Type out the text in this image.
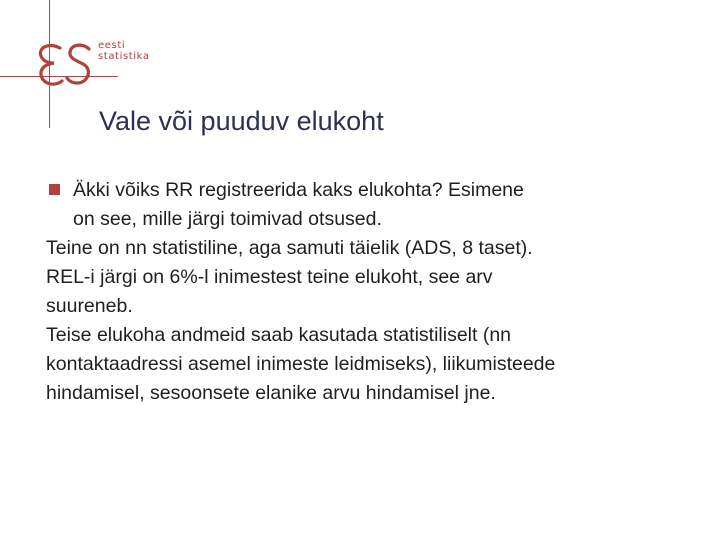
eesti
statistika
Vale või puuduv elukoht
Äkki võiks RR registreerida kaks elukohta? Esimene
on see, mille järgi toimivad otsused.
Teine on nn statistiline, aga samuti täielik (ADS, 8 taset).
REL-i järgi on 6%-l inimestest teine elukoht, see arv
suureneb.
Teise elukoha andmeid saab kasutada statistiliselt (nn
kontaktaadressi asemel inimeste leidmiseks), liikumisteede
hindamisel, sesoonsete elanike arvu hindamisel jne.
